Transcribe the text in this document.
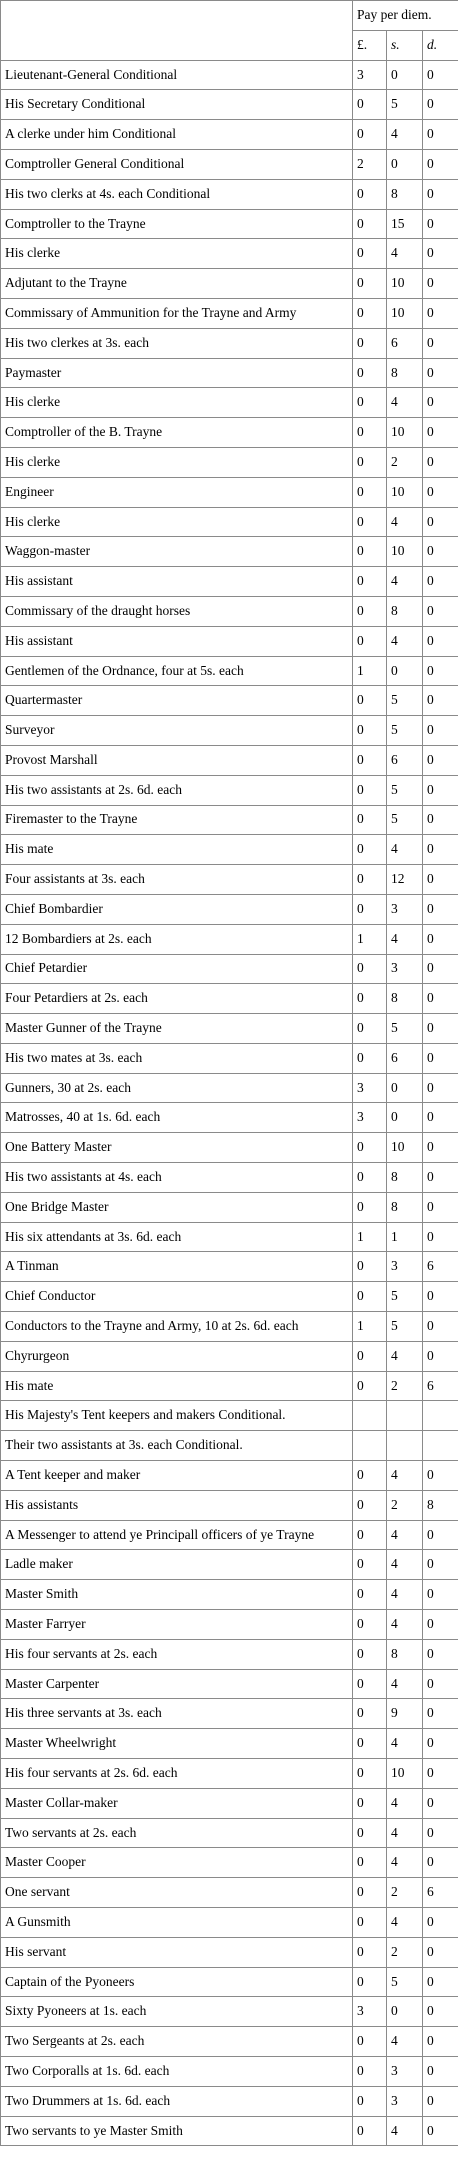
	Pay per diem.		
	£.	s.	d.
Lieutenant-General Conditional	3	0	0
His Secretary Conditional	0	5	0
A clerke under him Conditional	0	4	0
Comptroller General Conditional	2	0	0
His two clerks at 4s. each Conditional	0	8	0
Comptroller to the Trayne	0	15	0
His clerke	0	4	0
Adjutant to the Trayne	0	10	0
Commissary of Ammunition for the Trayne and Army	0	10	0
His two clerkes at 3s. each	0	6	0
Paymaster	0	8	0
His clerke	0	4	0
Comptroller of the B. Trayne	0	10	0
His clerke	0	2	0
Engineer	0	10	0
His clerke	0	4	0
Waggon-master	0	10	0
His assistant	0	4	0
Commissary of the draught horses	0	8	0
His assistant	0	4	0
Gentlemen of the Ordnance, four at 5s. each	1	0	0
Quartermaster	0	5	0
Surveyor	0	5	0
Provost Marshall	0	6	0
His two assistants at 2s. 6d. each	0	5	0
Firemaster to the Trayne	0	5	0
His mate	0	4	0
Four assistants at 3s. each	0	12	0
Chief Bombardier	0	3	0
12 Bombardiers at 2s. each	1	4	0
Chief Petardier	0	3	0
Four Petardiers at 2s. each	0	8	0
Master Gunner of the Trayne	0	5	0
His two mates at 3s. each	0	6	0
Gunners, 30 at 2s. each	3	0	0
Matrosses, 40 at 1s. 6d. each	3	0	0
One Battery Master	0	10	0
His two assistants at 4s. each	0	8	0
One Bridge Master	0	8	0
His six attendants at 3s. 6d. each	1	1	0
A Tinman	0	3	6
Chief Conductor	0	5	0
Conductors to the Trayne and Army, 10 at 2s. 6d. each	1	5	0
Chyrurgeon	0	4	0
His mate	0	2	6
His Majesty's Tent keepers and makers Conditional.			
Their two assistants at 3s. each Conditional.			
A Tent keeper and maker	0	4	0
His assistants	0	2	8
A Messenger to attend ye Principall officers of ye Trayne	0	4	0
Ladle maker	0	4	0
Master Smith	0	4	0
Master Farryer	0	4	0
His four servants at 2s. each	0	8	0
Master Carpenter	0	4	0
His three servants at 3s. each	0	9	0
Master Wheelwright	0	4	0
His four servants at 2s. 6d. each	0	10	0
Master Collar-maker	0	4	0
Two servants at 2s. each	0	4	0
Master Cooper	0	4	0
One servant	0	2	6
A Gunsmith	0	4	0
His servant	0	2	0
Captain of the Pyoneers	0	5	0
Sixty Pyoneers at 1s. each	3	0	0
Two Sergeants at 2s. each	0	4	0
Two Corporalls at 1s. 6d. each	0	3	0
Two Drummers at 1s. 6d. each	0	3	0
Two servants to ye Master Smith	0	4	0
